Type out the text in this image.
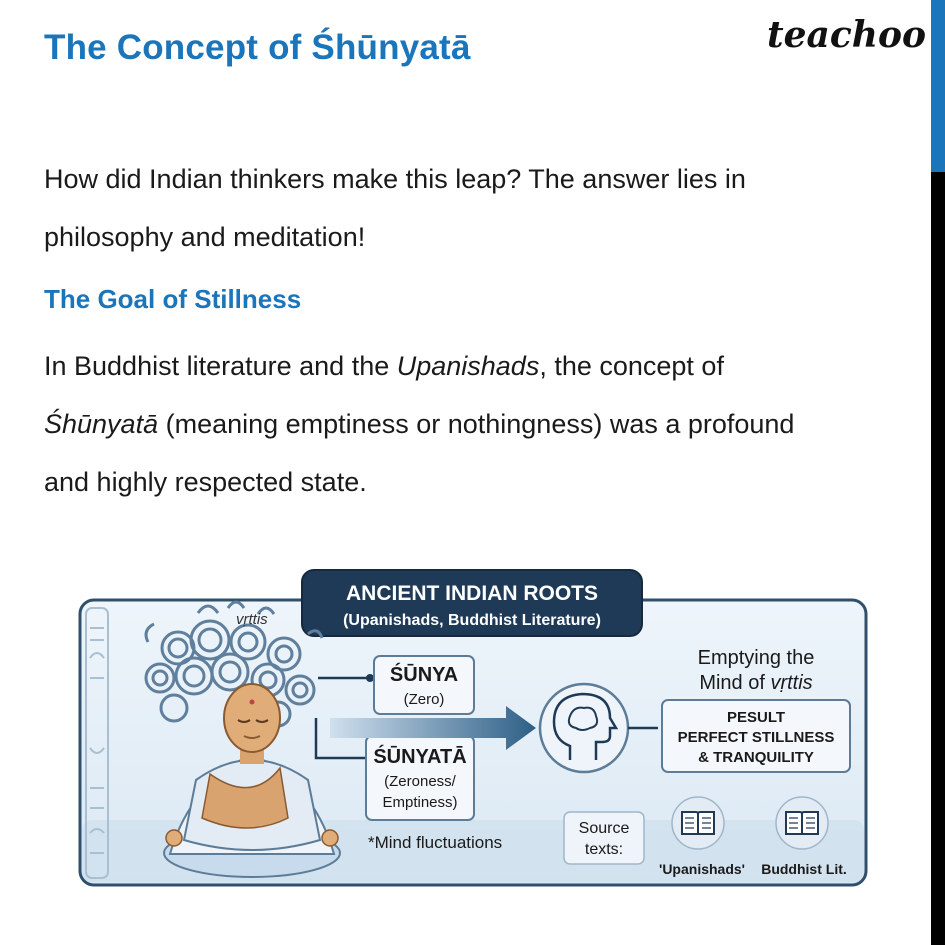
The Concept of Śhūnyatā	teachoo
How did Indian thinkers make this leap? The answer lies in
philosophy and meditation!
The Goal of Stillness
In Buddhist literature and the Upanishads, the concept of
Śhūnyatā (meaning emptiness or nothingness) was a profound
and highly respected state.
ANCIENT INDIAN ROOTS
(Upanishads, Buddhist Literature)
vṛttis
ŚŪNYA
(Zero)
ŚŪNYATĀ
(Zeroness/
Emptiness)
Emptying the
Mind of vṛttis
PESULT
PERFECT STILLNESS
& TRANQUILITY
*Mind fluctuations
Source
texts:
'Upanishads' Buddhist Lit.
